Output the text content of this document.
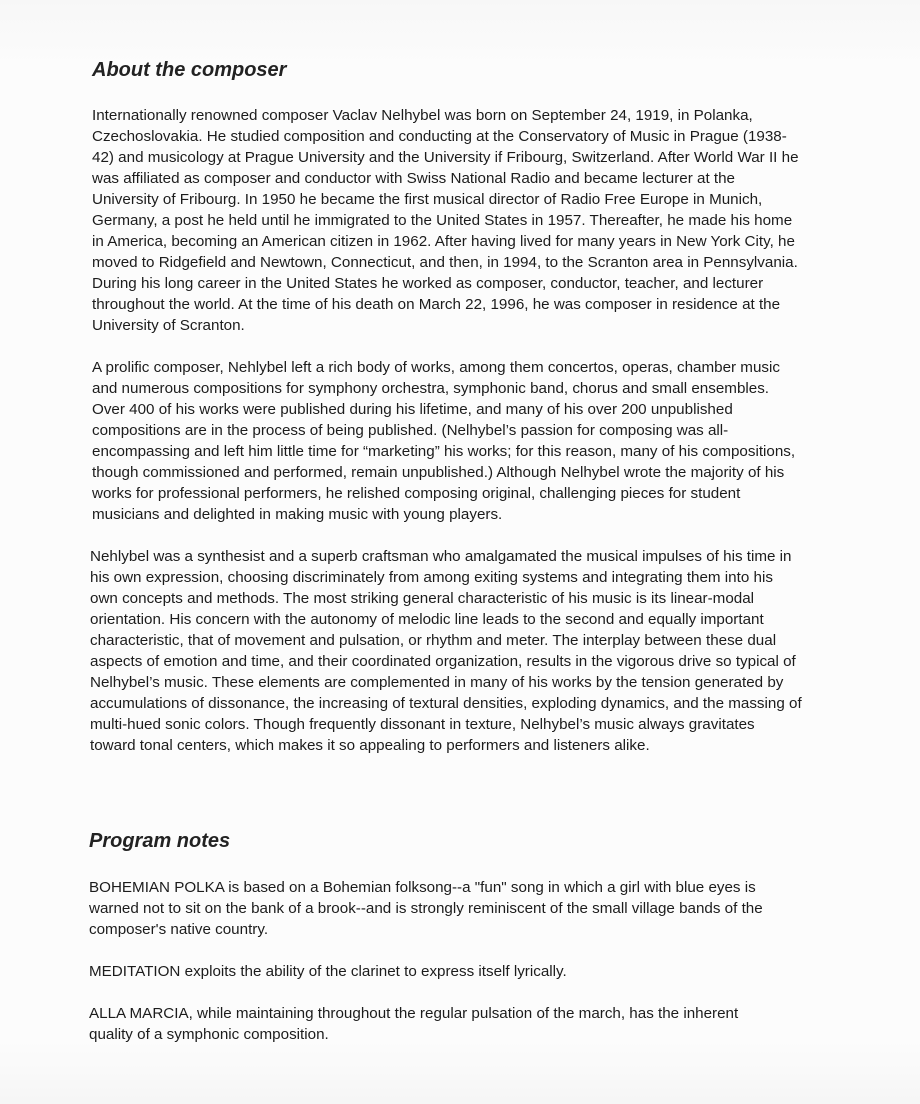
About the composer

Internationally renowned composer Vaclav Nelhybel was born on September 24, 1919, in Polanka, Czechoslovakia. He studied composition and conducting at the Conservatory of Music in Prague (1938-42) and musicology at Prague University and the University if Fribourg, Switzerland. After World War II he was affiliated as composer and conductor with Swiss National Radio and became lecturer at the University of Fribourg. In 1950 he became the first musical director of Radio Free Europe in Munich, Germany, a post he held until he immigrated to the United States in 1957. Thereafter, he made his home in America, becoming an American citizen in 1962. After having lived for many years in New York City, he moved to Ridgefield and Newtown, Connecticut, and then, in 1994, to the Scranton area in Pennsylvania. During his long career in the United States he worked as composer, conductor, teacher, and lecturer throughout the world. At the time of his death on March 22, 1996, he was composer in residence at the University of Scranton.

A prolific composer, Nehlybel left a rich body of works, among them concertos, operas, chamber music and numerous compositions for symphony orchestra, symphonic band, chorus and small ensembles. Over 400 of his works were published during his lifetime, and many of his over 200 unpublished compositions are in the process of being published. (Nelhybel’s passion for composing was all-encompassing and left him little time for “marketing” his works; for this reason, many of his compositions, though commissioned and performed, remain unpublished.) Although Nelhybel wrote the majority of his works for professional performers, he relished composing original, challenging pieces for student musicians and delighted in making music with young players.

Nehlybel was a synthesist and a superb craftsman who amalgamated the musical impulses of his time in his own expression, choosing discriminately from among exiting systems and integrating them into his own concepts and methods. The most striking general characteristic of his music is its linear-modal orientation. His concern with the autonomy of melodic line leads to the second and equally important characteristic, that of movement and pulsation, or rhythm and meter. The interplay between these dual aspects of emotion and time, and their coordinated organization, results in the vigorous drive so typical of Nelhybel’s music. These elements are complemented in many of his works by the tension generated by accumulations of dissonance, the increasing of textural densities, exploding dynamics, and the massing of multi-hued sonic colors. Though frequently dissonant in texture, Nelhybel’s music always gravitates toward tonal centers, which makes it so appealing to performers and listeners alike.

Program notes

BOHEMIAN POLKA is based on a Bohemian folksong--a "fun" song in which a girl with blue eyes is warned not to sit on the bank of a brook--and is strongly reminiscent of the small village bands of the composer's native country.

MEDITATION exploits the ability of the clarinet to express itself lyrically.

ALLA MARCIA, while maintaining throughout the regular pulsation of the march, has the inherent quality of a symphonic composition.
